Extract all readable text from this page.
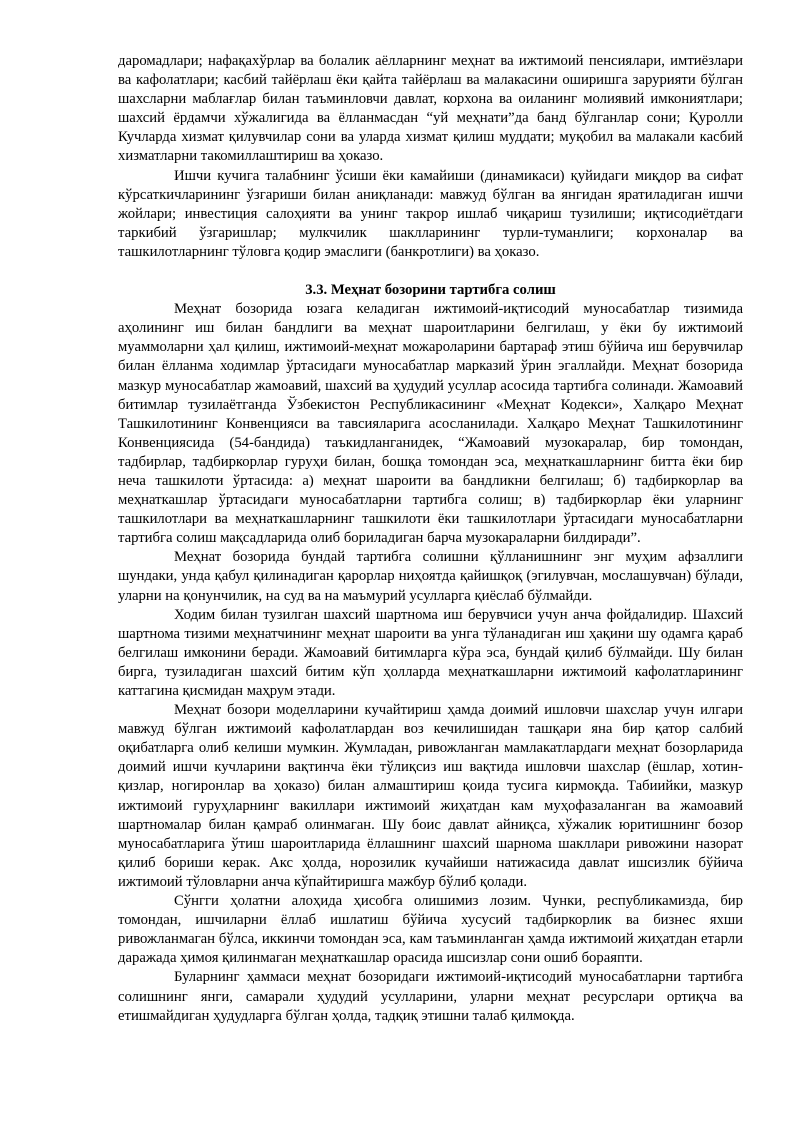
даромадлари; нафақахўрлар ва болалик аёлларнинг меҳнат ва ижтимоий пенсиялари, имтиёзлари ва кафолатлари; касбий тайёрлаш ёки қайта тайёрлаш ва малакасини оширишга зарурияти бўлган шахсларни маблағлар билан таъминловчи давлат, корхона ва оиланинг молиявий имкониятлари; шахсий ёрдамчи хўжалигида ва ёлланмасдан “уй меҳнати”да банд бўлганлар сони; Қуролли Кучларда хизмат қилувчилар сони ва уларда хизмат қилиш муддати; муқобил ва малакали касбий хизматларни такомиллаштириш ва ҳоказо.

Ишчи кучига талабнинг ўсиши ёки камайиши (динамикаси) қуйидаги миқдор ва сифат кўрсаткичларининг ўзгариши билан аниқланади: мавжуд бўлган ва янгидан яратиладиган ишчи жойлари; инвестиция салоҳияти ва унинг такрор ишлаб чиқариш тузилиши; иқтисодиётдаги таркибий ўзгаришлар; мулкчилик шаклларининг турли-туманлиги; корхоналар ва ташкилотларнинг тўловга қодир эмаслиги (банкротлиги) ва ҳоказо.

3.3. Меҳнат бозорини тартибга солиш

Меҳнат бозорида юзага келадиган ижтимоий-иқтисодий муносабатлар тизимида аҳолининг иш билан бандлиги ва меҳнат шароитларини белгилаш, у ёки бу ижтимоий муаммоларни ҳал қилиш, ижтимоий-меҳнат можароларини бартараф этиш бўйича иш берувчилар билан ёлланма ходимлар ўртасидаги муносабатлар марказий ўрин эгаллайди. Меҳнат бозорида мазкур муносабатлар жамоавий, шахсий ва ҳудудий усуллар асосида тартибга солинади. Жамоавий битимлар тузилаётганда Ўзбекистон Республикасининг «Меҳнат Кодекси», Халқаро Меҳнат Ташкилотининг Конвенцияси ва тавсияларига асосланилади. Халқаро Меҳнат Ташкилотининг Конвенциясида (54-бандида) таъкидланганидек, “Жамоавий музокаралар, бир томондан, тадбирлар, тадбиркорлар гуруҳи билан, бошқа томондан эса, меҳнаткашларнинг битта ёки бир неча ташкилоти ўртасида: а) меҳнат шароити ва бандликни белгилаш; б) тадбиркорлар ва меҳнаткашлар ўртасидаги муносабатларни тартибга солиш; в) тадбиркорлар ёки уларнинг ташкилотлари ва меҳнаткашларнинг ташкилоти ёки ташкилотлари ўртасидаги муносабатларни тартибга солиш мақсадларида олиб бориладиган барча музокараларни билдиради”.

Меҳнат бозорида бундай тартибга солишни қўлланишнинг энг муҳим афзаллиги шундаки, унда қабул қилинадиган қарорлар ниҳоятда қайишқоқ (эгилувчан, мослашувчан) бўлади, уларни на қонунчилик, на суд ва на маъмурий усулларга қиёслаб бўлмайди.

Ходим билан тузилган шахсий шартнома иш берувчиси учун анча фойдалидир. Шахсий шартнома тизими меҳнатчининг меҳнат шароити ва унга тўланадиган иш ҳақини шу одамга қараб белгилаш имконини беради. Жамоавий битимларга кўра эса, бундай қилиб бўлмайди. Шу билан бирга, тузиладиган шахсий битим кўп ҳолларда меҳнаткашларни ижтимоий кафолатларининг каттагина қисмидан маҳрум этади.

Меҳнат бозори моделларини кучайтириш ҳамда доимий ишловчи шахслар учун илгари мавжуд бўлган ижтимоий кафолатлардан воз кечилишидан ташқари яна бир қатор салбий оқибатларга олиб келиши мумкин. Жумладан, ривожланган мамлакатлардаги меҳнат бозорларида доимий ишчи кучларини вақтинча ёки тўлиқсиз иш вақтида ишловчи шахслар (ёшлар, хотин-қизлар, ногиронлар ва ҳоказо) билан алмаштириш қоида тусига кирмоқда. Табиийки, мазкур ижтимоий гуруҳларнинг вакиллари ижтимоий жиҳатдан кам муҳофазаланган ва жамоавий шартномалар билан қамраб олинмаган. Шу боис давлат айниқса, хўжалик юритишнинг бозор муносабатларига ўтиш шароитларида ёллашнинг шахсий шарнома шакллари ривожини назорат қилиб бориши керак. Акс ҳолда, норозилик кучайиши натижасида давлат ишсизлик бўйича ижтимоий тўловларни анча кўпайтиришга мажбур бўлиб қолади.

Сўнгги ҳолатни алоҳида ҳисобга олишимиз лозим. Чунки, республикамизда, бир томондан, ишчиларни ёллаб ишлатиш бўйича хусусий тадбиркорлик ва бизнес яхши ривожланмаган бўлса, иккинчи томондан эса, кам таъминланган ҳамда ижтимоий жиҳатдан етарли даражада ҳимоя қилинмаган меҳнаткашлар орасида ишсизлар сони ошиб бораяпти.

Буларнинг ҳаммаси меҳнат бозоридаги ижтимоий-иқтисодий муносабатларни тартибга солишнинг янги, самарали ҳудудий усулларини, уларни меҳнат ресурслари ортиқча ва етишмайдиган ҳудудларга бўлган ҳолда, тадқиқ этишни талаб қилмоқда.
